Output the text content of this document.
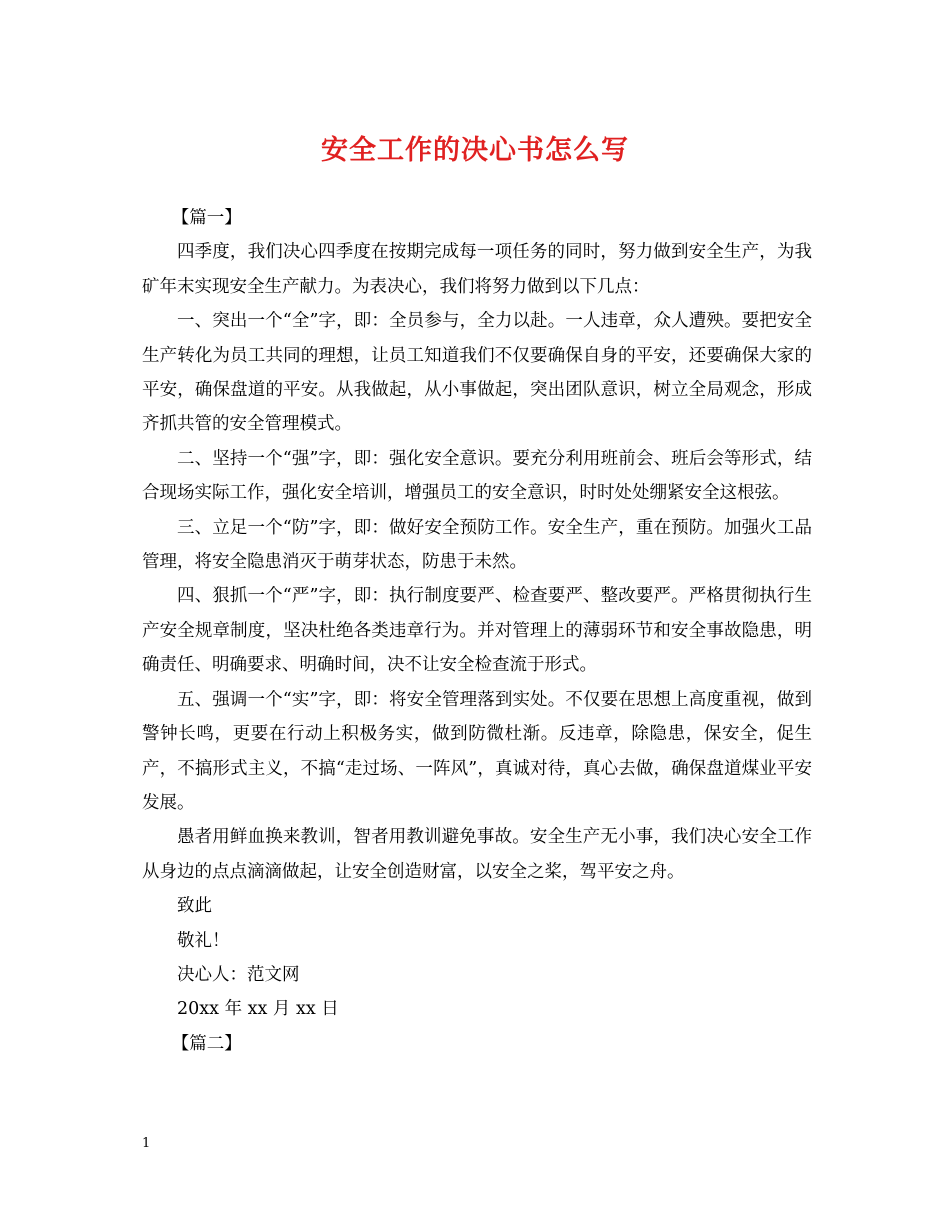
安全工作的决心书怎么写

【篇一】

四季度，我们决心四季度在按期完成每一项任务的同时，努力做到安全生产，为我矿年末实现安全生产献力。为表决心，我们将努力做到以下几点：

一、突出一个“全”字，即：全员参与，全力以赴。一人违章，众人遭殃。要把安全生产转化为员工共同的理想，让员工知道我们不仅要确保自身的平安，还要确保大家的平安，确保盘道的平安。从我做起，从小事做起，突出团队意识，树立全局观念，形成齐抓共管的安全管理模式。

二、坚持一个“强”字，即：强化安全意识。要充分利用班前会、班后会等形式，结合现场实际工作，强化安全培训，增强员工的安全意识，时时处处绷紧安全这根弦。

三、立足一个“防”字，即：做好安全预防工作。安全生产，重在预防。加强火工品管理，将安全隐患消灭于萌芽状态，防患于未然。

四、狠抓一个“严”字，即：执行制度要严、检查要严、整改要严。严格贯彻执行生产安全规章制度，坚决杜绝各类违章行为。并对管理上的薄弱环节和安全事故隐患，明确责任、明确要求、明确时间，决不让安全检查流于形式。

五、强调一个“实”字，即：将安全管理落到实处。不仅要在思想上高度重视，做到警钟长鸣，更要在行动上积极务实，做到防微杜渐。反违章，除隐患，保安全，促生产，不搞形式主义，不搞“走过场、一阵风”，真诚对待，真心去做，确保盘道煤业平安发展。

愚者用鲜血换来教训，智者用教训避免事故。安全生产无小事，我们决心安全工作从身边的点点滴滴做起，让安全创造财富，以安全之桨，驾平安之舟。

致此

敬礼！

决心人：范文网

20xx 年 xx 月 xx 日

【篇二】

1
